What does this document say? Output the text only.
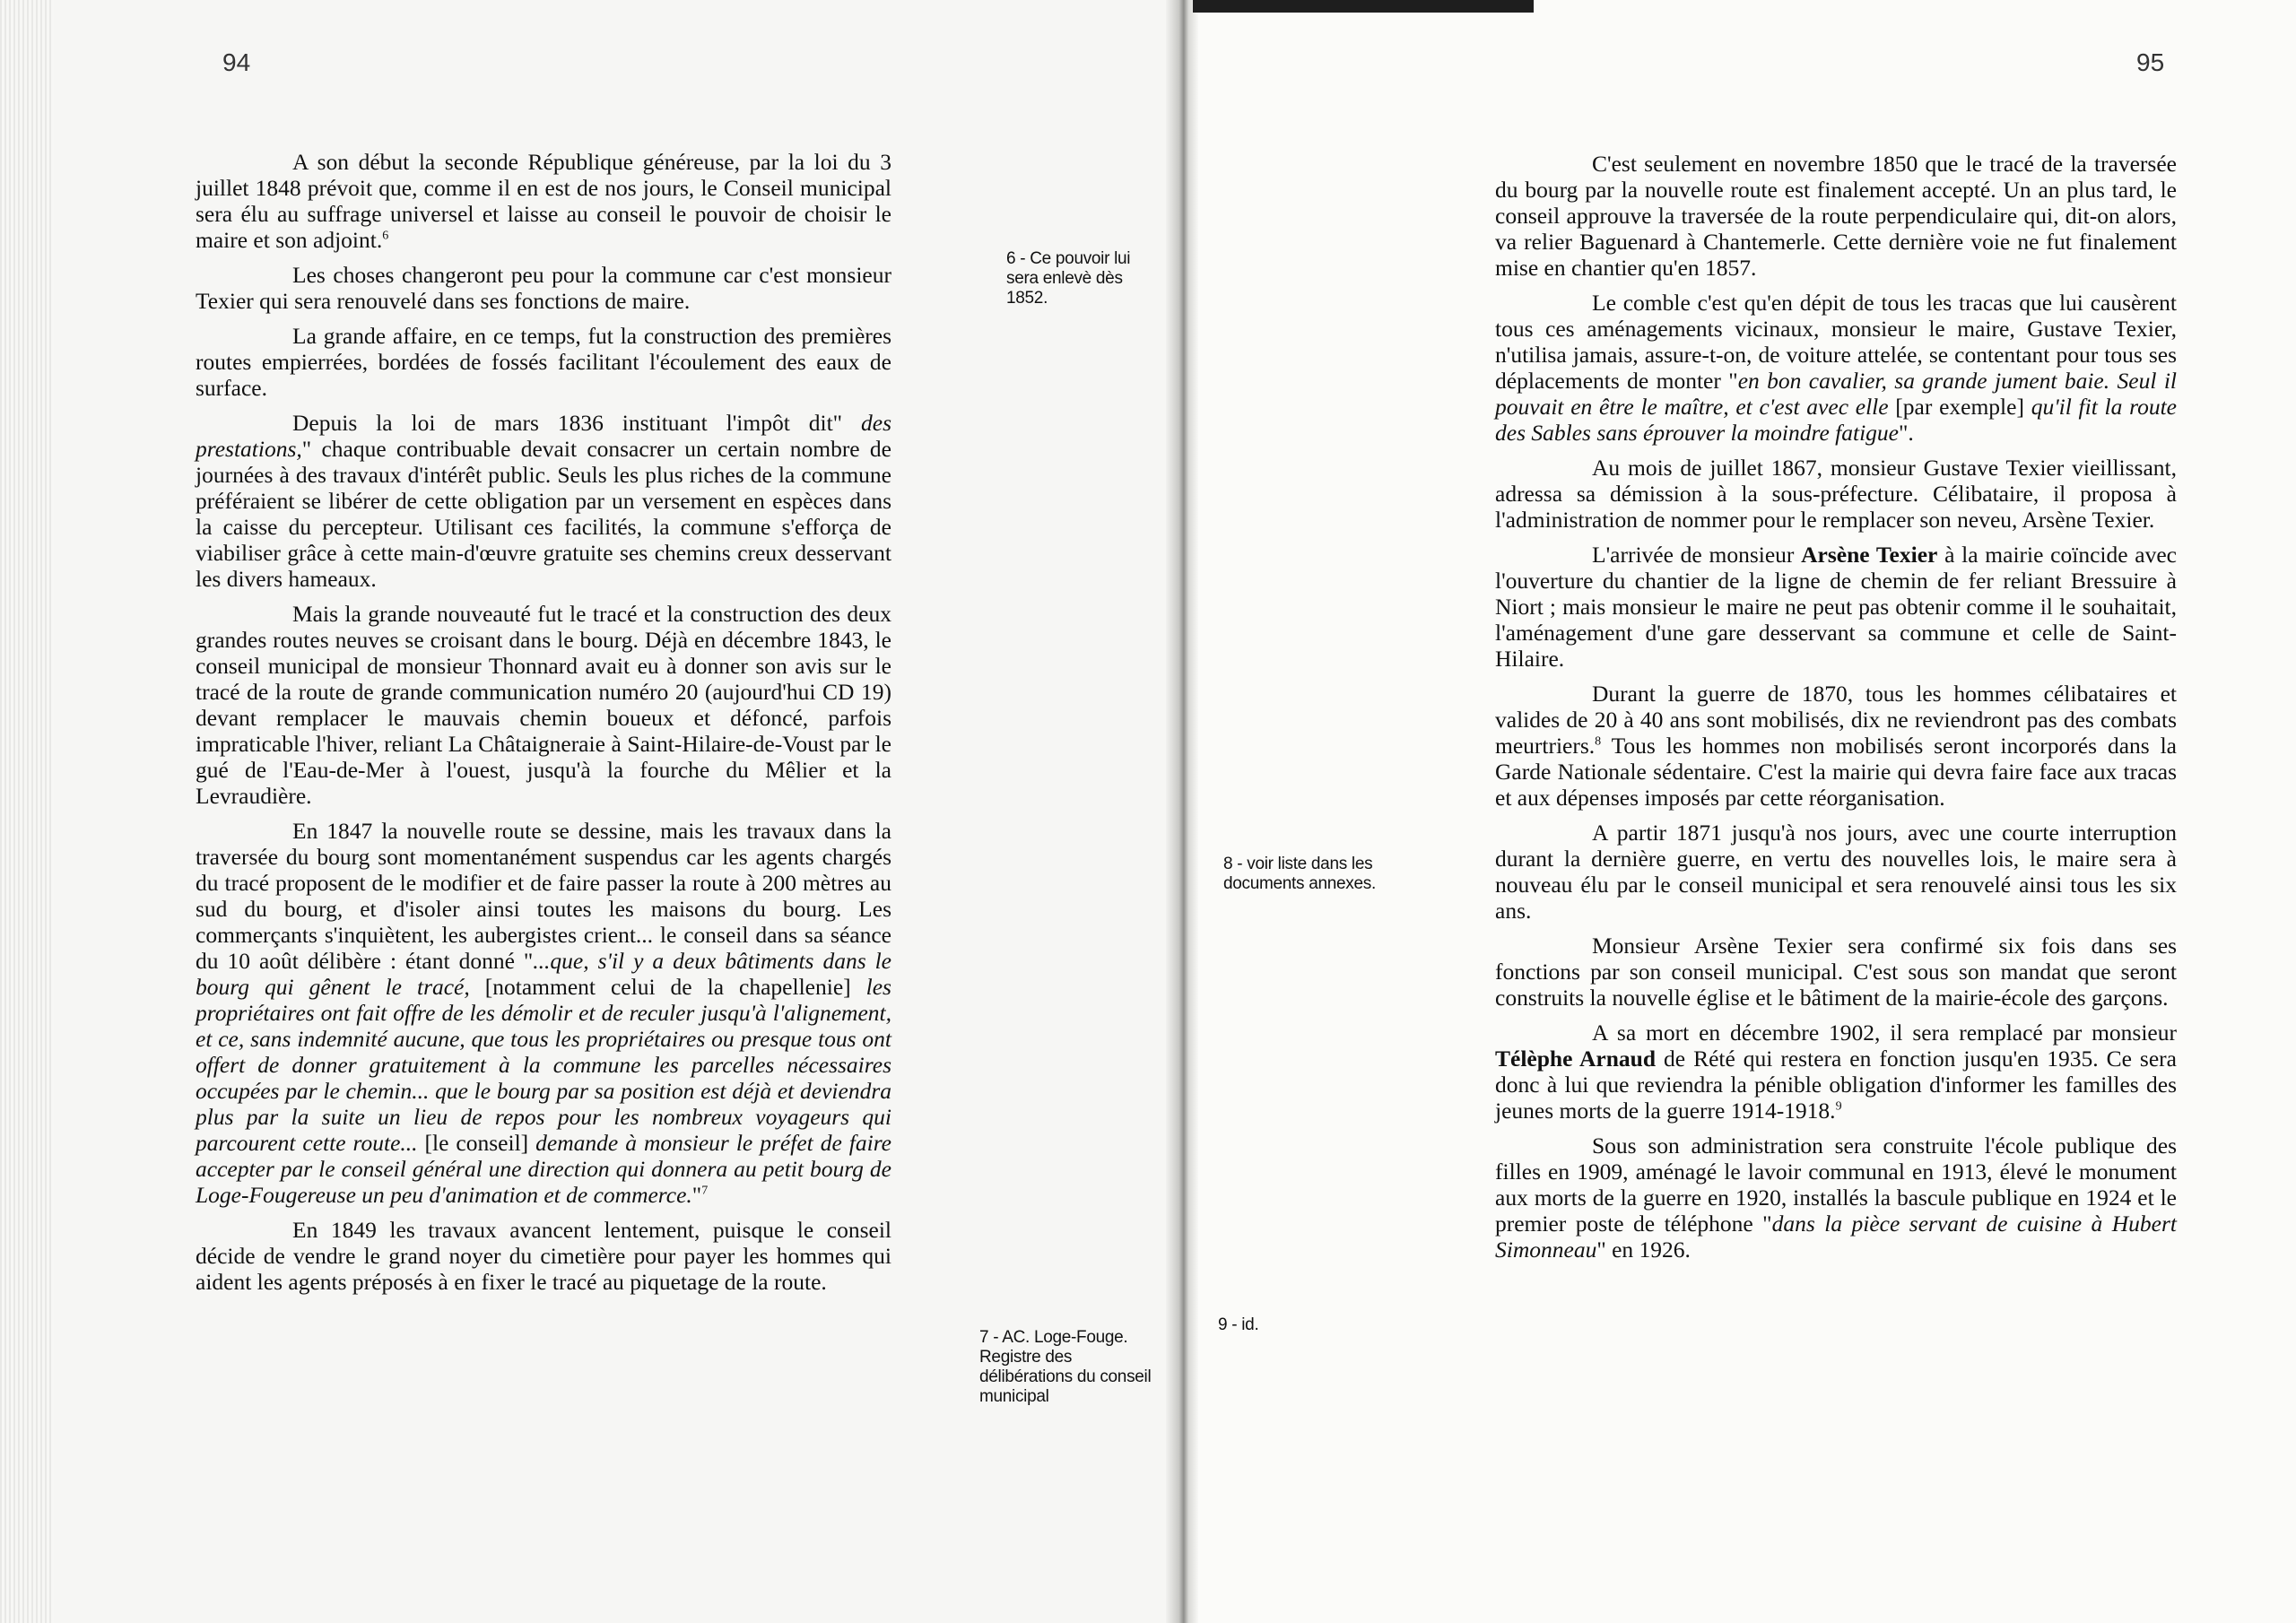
94

A son début la seconde République généreuse, par la loi du 3 juillet 1848 prévoit que, comme il en est de nos jours, le Conseil municipal sera élu au suffrage universel et laisse au conseil le pouvoir de choisir le maire et son adjoint.$^6$

Les choses changeront peu pour la commune car c'est monsieur Texier qui sera renouvelé dans ses fonctions de maire.

La grande affaire, en ce temps, fut la construction des premières routes empierrées, bordées de fossés facilitant l'écoulement des eaux de surface.

Depuis la loi de mars 1836 instituant l'impôt dit" des prestations," chaque contribuable devait consacrer un certain nombre de journées à des travaux d'intérêt public. Seuls les plus riches de la commune préféraient se libérer de cette obligation par un versement en espèces dans la caisse du percepteur. Utilisant ces facilités, la commune s'efforça de viabiliser grâce à cette main-d'œuvre gratuite ses chemins creux desservant les divers hameaux.

Mais la grande nouveauté fut le tracé et la construction des deux grandes routes neuves se croisant dans le bourg. Déjà en décembre 1843, le conseil municipal de monsieur Thonnard avait eu à donner son avis sur le tracé de la route de grande communication numéro 20 (aujourd'hui CD 19) devant remplacer le mauvais chemin boueux et défoncé, parfois impraticable l'hiver, reliant La Châtaigneraie à Saint-Hilaire-de-Voust par le gué de l'Eau-de-Mer à l'ouest, jusqu'à la fourche du Mêlier et la Levraudière.

En 1847 la nouvelle route se dessine, mais les travaux dans la traversée du bourg sont momentanément suspendus car les agents chargés du tracé proposent de le modifier et de faire passer la route à 200 mètres au sud du bourg, et d'isoler ainsi toutes les maisons du bourg. Les commerçants s'inquiètent, les aubergistes crient... le conseil dans sa séance du 10 août délibère : étant donné "...que, s'il y a deux bâtiments dans le bourg qui gênent le tracé, [notamment celui de la chapellenie] les propriétaires ont fait offre de les démolir et de reculer jusqu'à l'alignement, et ce, sans indemnité aucune, que tous les propriétaires ou presque tous ont offert de donner gratuitement à la commune les parcelles nécessaires occupées par le chemin... que le bourg par sa position est déjà et deviendra plus par la suite un lieu de repos pour les nombreux voyageurs qui parcourent cette route... [le conseil] demande à monsieur le préfet de faire accepter par le conseil général une direction qui donnera au petit bourg de Loge-Fougereuse un peu d'animation et de commerce."$^7$

En 1849 les travaux avancent lentement, puisque le conseil décide de vendre le grand noyer du cimetière pour payer les hommes qui aident les agents préposés à en fixer le tracé au piquetage de la route.

6 - Ce pouvoir lui sera enlevè dès 1852.
7 - AC. Loge-Fouge. Registre des délibérations du conseil municipal
95

C'est seulement en novembre 1850 que le tracé de la traversée du bourg par la nouvelle route est finalement accepté. Un an plus tard, le conseil approuve la traversée de la route perpendiculaire qui, dit-on alors, va relier Baguenard à Chantemerle. Cette dernière voie ne fut finalement mise en chantier qu'en 1857.

Le comble c'est qu'en dépit de tous les tracas que lui causèrent tous ces aménagements vicinaux, monsieur le maire, Gustave Texier, n'utilisa jamais, assure-t-on, de voiture attelée, se contentant pour tous ses déplacements de monter "en bon cavalier, sa grande jument baie. Seul il pouvait en être le maître, et c'est avec elle [par exemple] qu'il fit la route des Sables sans éprouver la moindre fatigue".

Au mois de juillet 1867, monsieur Gustave Texier vieillissant, adressa sa démission à la sous-préfecture. Célibataire, il proposa à l'administration de nommer pour le remplacer son neveu, Arsène Texier.

L'arrivée de monsieur Arsène Texier à la mairie coïncide avec l'ouverture du chantier de la ligne de chemin de fer reliant Bressuire à Niort ; mais monsieur le maire ne peut pas obtenir comme il le souhaitait, l'aménagement d'une gare desservant sa commune et celle de Saint-Hilaire.

Durant la guerre de 1870, tous les hommes célibataires et valides de 20 à 40 ans sont mobilisés, dix ne reviendront pas des combats meurtriers.$^8$ Tous les hommes non mobilisés seront incorporés dans la Garde Nationale sédentaire. C'est la mairie qui devra faire face aux tracas et aux dépenses imposés par cette réorganisation.

A partir 1871 jusqu'à nos jours, avec une courte interruption durant la dernière guerre, en vertu des nouvelles lois, le maire sera à nouveau élu par le conseil municipal et sera renouvelé ainsi tous les six ans.

Monsieur Arsène Texier sera confirmé six fois dans ses fonctions par son conseil municipal. C'est sous son mandat que seront construits la nouvelle église et le bâtiment de la mairie-école des garçons.

A sa mort en décembre 1902, il sera remplacé par monsieur Télèphe Arnaud de Rété qui restera en fonction jusqu'en 1935. Ce sera donc à lui que reviendra la pénible obligation d'informer les familles des jeunes morts de la guerre 1914-1918.$^9$

Sous son administration sera construite l'école publique des filles en 1909, aménagé le lavoir communal en 1913, élevé le monument aux morts de la guerre en 1920, installés la bascule publique en 1924 et le premier poste de téléphone "dans la pièce servant de cuisine à Hubert Simonneau" en 1926.

8 - voir liste dans les documents annexes.
9 - id.
